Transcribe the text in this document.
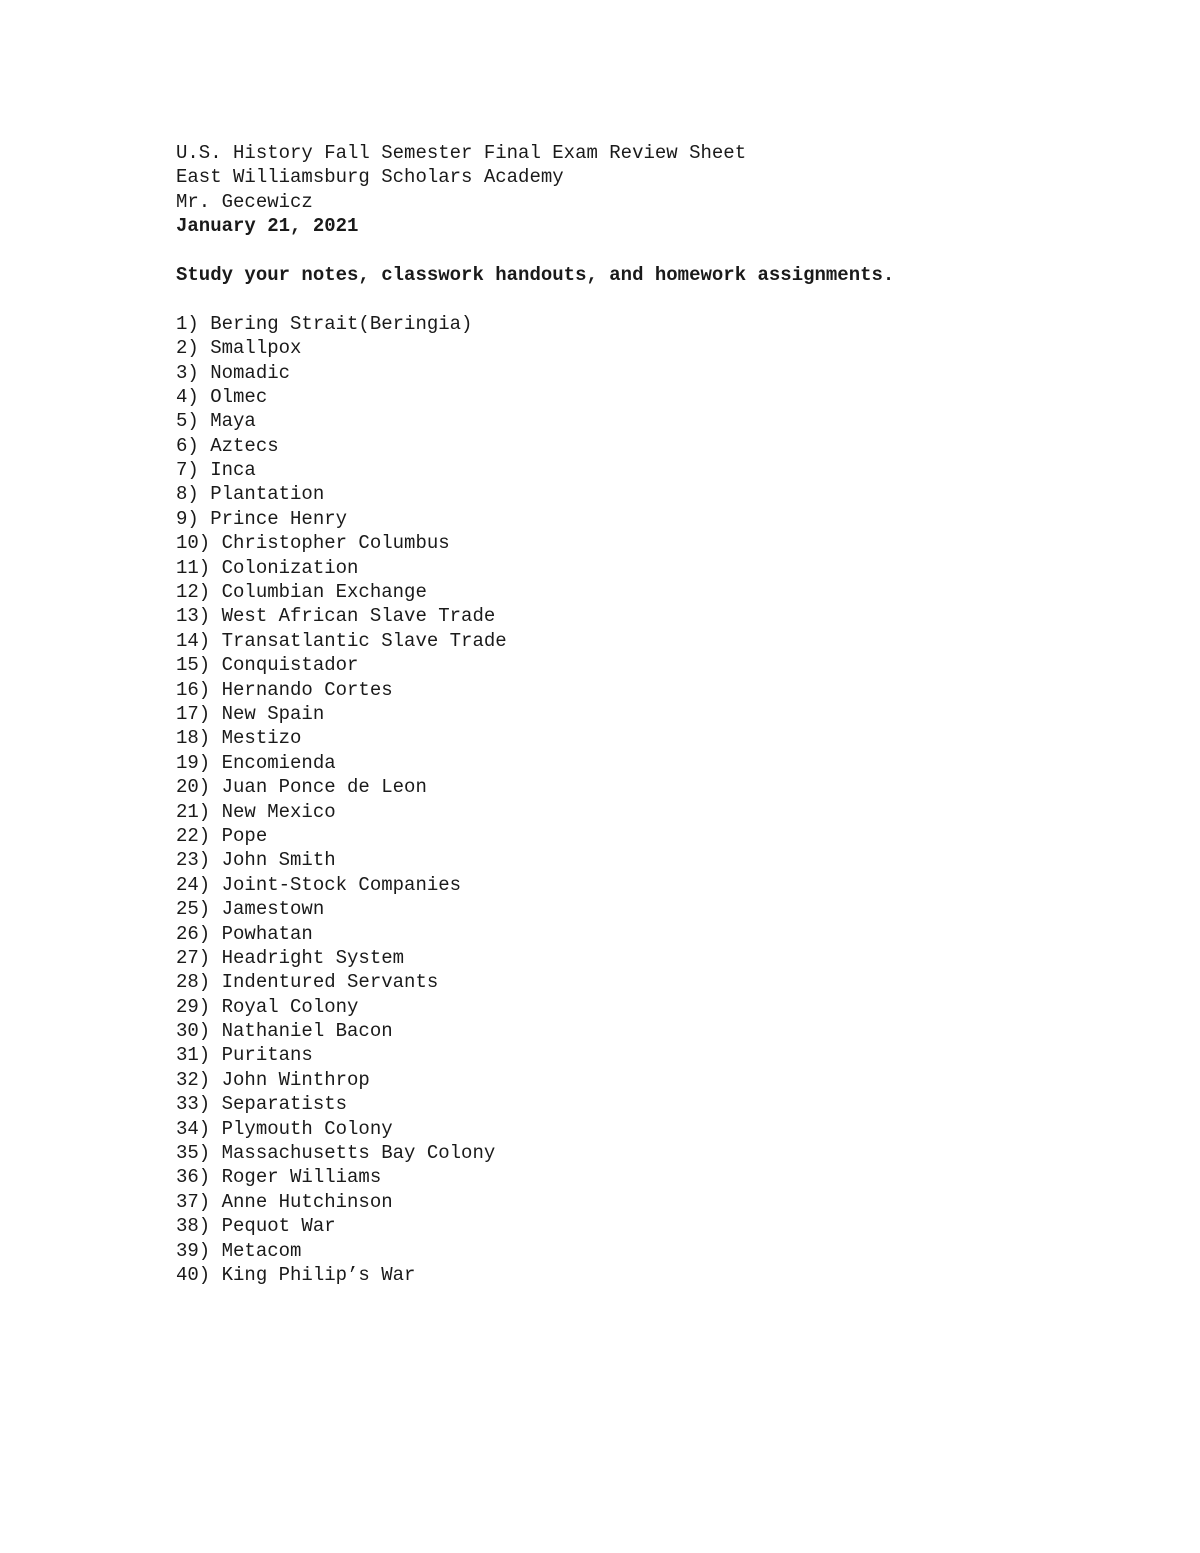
U.S. History Fall Semester Final Exam Review Sheet
East Williamsburg Scholars Academy
Mr. Gecewicz
January 21, 2021
Study your notes, classwork handouts, and homework assignments.
1) Bering Strait(Beringia)
2) Smallpox
3) Nomadic
4) Olmec
5) Maya
6) Aztecs
7) Inca
8) Plantation
9) Prince Henry
10) Christopher Columbus
11) Colonization
12) Columbian Exchange
13) West African Slave Trade
14) Transatlantic Slave Trade
15) Conquistador
16) Hernando Cortes
17) New Spain
18) Mestizo
19) Encomienda
20) Juan Ponce de Leon
21) New Mexico
22) Pope
23) John Smith
24) Joint-Stock Companies
25) Jamestown
26) Powhatan
27) Headright System
28) Indentured Servants
29) Royal Colony
30) Nathaniel Bacon
31) Puritans
32) John Winthrop
33) Separatists
34) Plymouth Colony
35) Massachusetts Bay Colony
36) Roger Williams
37) Anne Hutchinson
38) Pequot War
39) Metacom
40) King Philip’s War
